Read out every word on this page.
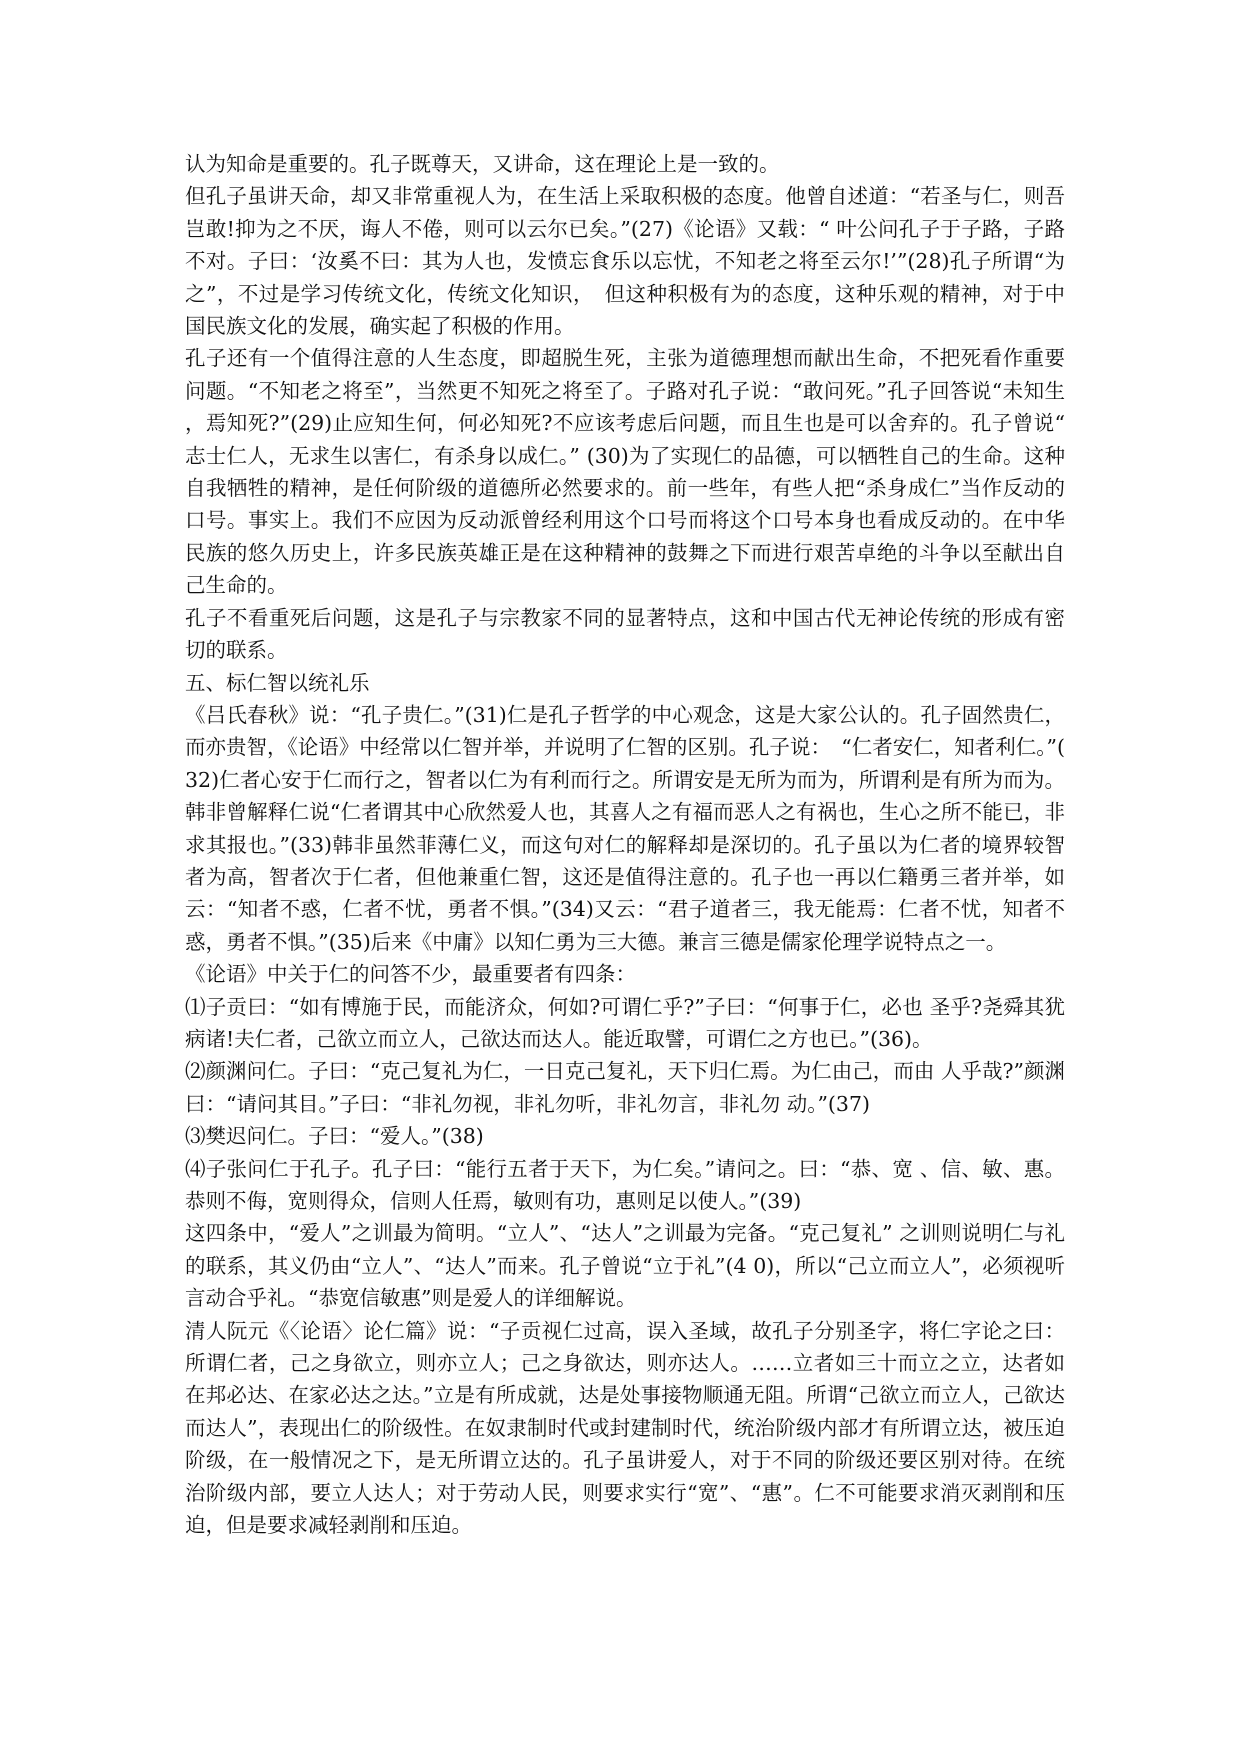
认为知命是重要的。孔子既尊天，又讲命，这在理论上是一致的。

但孔子虽讲天命，却又非常重视人为，在生活上采取积极的态度。他曾自述道：“若圣与仁，则吾岂敢!抑为之不厌，诲人不倦，则可以云尔已矣。”(27)《论语》又载：“ 叶公问孔子于子路，子路不对。子曰：‘汝奚不曰：其为人也，发愤忘食乐以忘忧，不知老之将至云尔!’”(28)孔子所谓“为之”，不过是学习传统文化，传统文化知识，　但这种积极有为的态度，这种乐观的精神，对于中国民族文化的发展，确实起了积极的作用。

孔子还有一个值得注意的人生态度，即超脱生死，主张为道德理想而献出生命，不把死看作重要问题。“不知老之将至”，当然更不知死之将至了。子路对孔子说：“敢问死。”孔子回答说“未知生，焉知死?”(29)止应知生何，何必知死?不应该考虑后问题，而且生也是可以舍弃的。孔子曾说“志士仁人，无求生以害仁，有杀身以成仁。” (30)为了实现仁的品德，可以牺牲自己的生命。这种自我牺牲的精神，是任何阶级的道德所必然要求的。前一些年，有些人把“杀身成仁”当作反动的口号。事实上。我们不应因为反动派曾经利用这个口号而将这个口号本身也看成反动的。在中华民族的悠久历史上，许多民族英雄正是在这种精神的鼓舞之下而进行艰苦卓绝的斗争以至献出自己生命的。

孔子不看重死后问题，这是孔子与宗教家不同的显著特点，这和中国古代无神论传统的形成有密切的联系。

五、标仁智以统礼乐

《吕氏春秋》说：“孔子贵仁。”(31)仁是孔子哲学的中心观念，这是大家公认的。孔子固然贵仁，而亦贵智，《论语》中经常以仁智并举，并说明了仁智的区别。孔子说：　“仁者安仁，知者利仁。”(32)仁者心安于仁而行之，智者以仁为有利而行之。所谓安是无所为而为，所谓利是有所为而为。韩非曾解释仁说“仁者谓其中心欣然爱人也，其喜人之有福而恶人之有祸也，生心之所不能已，非求其报也。”(33)韩非虽然菲薄仁义，而这句对仁的解释却是深切的。孔子虽以为仁者的境界较智者为高，智者次于仁者，但他兼重仁智，这还是值得注意的。孔子也一再以仁籍勇三者并举，如云：“知者不惑，仁者不忧，勇者不惧。”(34)又云：“君子道者三，我无能焉：仁者不忧，知者不惑，勇者不惧。”(35)后来《中庸》以知仁勇为三大德。兼言三德是儒家伦理学说特点之一。

《论语》中关于仁的问答不少，最重要者有四条：

⑴子贡曰：“如有博施于民，而能济众，何如?可谓仁乎?”子曰：“何事于仁，必也 圣乎?尧舜其犹病诸!夫仁者，己欲立而立人，己欲达而达人。能近取譬，可谓仁之方也已。”(36)。

⑵颜渊问仁。子曰：“克己复礼为仁，一日克己复礼，天下归仁焉。为仁由己，而由 人乎哉?”颜渊曰：“请问其目。”子曰：“非礼勿视，非礼勿听，非礼勿言，非礼勿 动。”(37)

⑶樊迟问仁。子曰：“爱人。”(38)

⑷子张问仁于孔子。孔子曰：“能行五者于天下，为仁矣。”请问之。曰：“恭、宽 、信、敏、惠。恭则不侮，宽则得众，信则人任焉，敏则有功，惠则足以使人。”(39)

这四条中，“爱人”之训最为简明。“立人”、“达人”之训最为完备。“克己复礼” 之训则说明仁与礼的联系，其义仍由“立人”、“达人”而来。孔子曾说“立于礼”(4 0)，所以“己立而立人”，必须视听言动合乎礼。“恭宽信敏惠”则是爱人的详细解说。

清人阮元《〈论语〉论仁篇》说：“子贡视仁过高，误入圣域，故孔子分别圣字，将仁字论之曰：所谓仁者，己之身欲立，则亦立人；己之身欲达，则亦达人。……立者如三十而立之立，达者如在邦必达、在家必达之达。”立是有所成就，达是处事接物顺通无阻。所谓“己欲立而立人，己欲达而达人”，表现出仁的阶级性。在奴隶制时代或封建制时代，统治阶级内部才有所谓立达，被压迫阶级，在一般情况之下，是无所谓立达的。孔子虽讲爱人，对于不同的阶级还要区别对待。在统治阶级内部，要立人达人；对于劳动人民，则要求实行“宽”、“惠”。仁不可能要求消灭剥削和压迫，但是要求减轻剥削和压迫。
